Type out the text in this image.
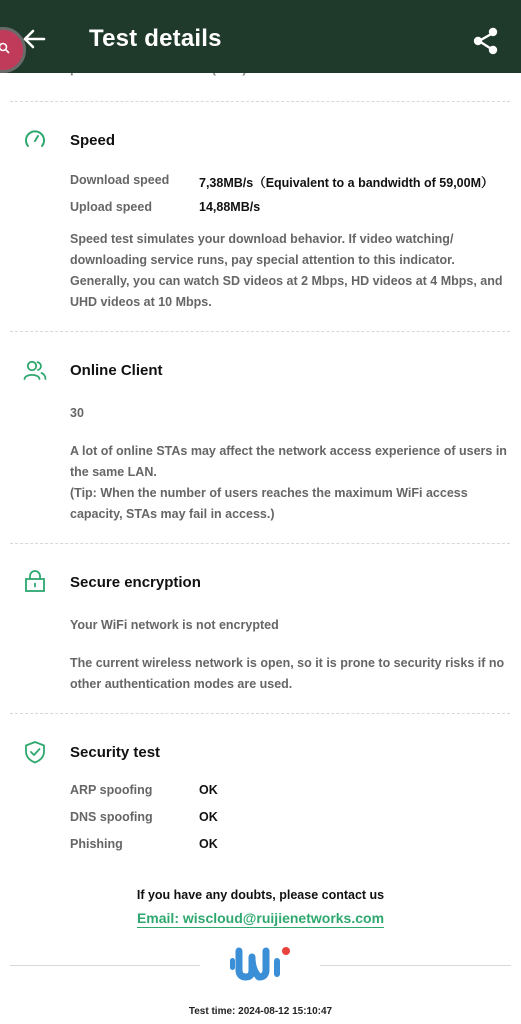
Test details
Speed
Download speed 7,38MB/s（Equivalent to a bandwidth of 59,00M）
Upload speed	14,88MB/s
Speed test simulates your download behavior. If video watching/ downloading service runs, pay special attention to this indicator. Generally, you can watch SD videos at 2 Mbps, HD videos at 4 Mbps, and UHD videos at 10 Mbps.
Online Client
30
A lot of online STAs may affect the network access experience of users in the same LAN.
(Tip: When the number of users reaches the maximum WiFi access capacity, STAs may fail in access.)
Secure encryption
Your WiFi network is not encrypted
The current wireless network is open, so it is prone to security risks if no other authentication modes are used.
Security test
ARP spoofing	OK
DNS spoofing	OK
Phishing	OK
If you have any doubts, please contact us
Email: wiscloud@ruijienetworks.com
Test time: 2024-08-12 15:10:47
